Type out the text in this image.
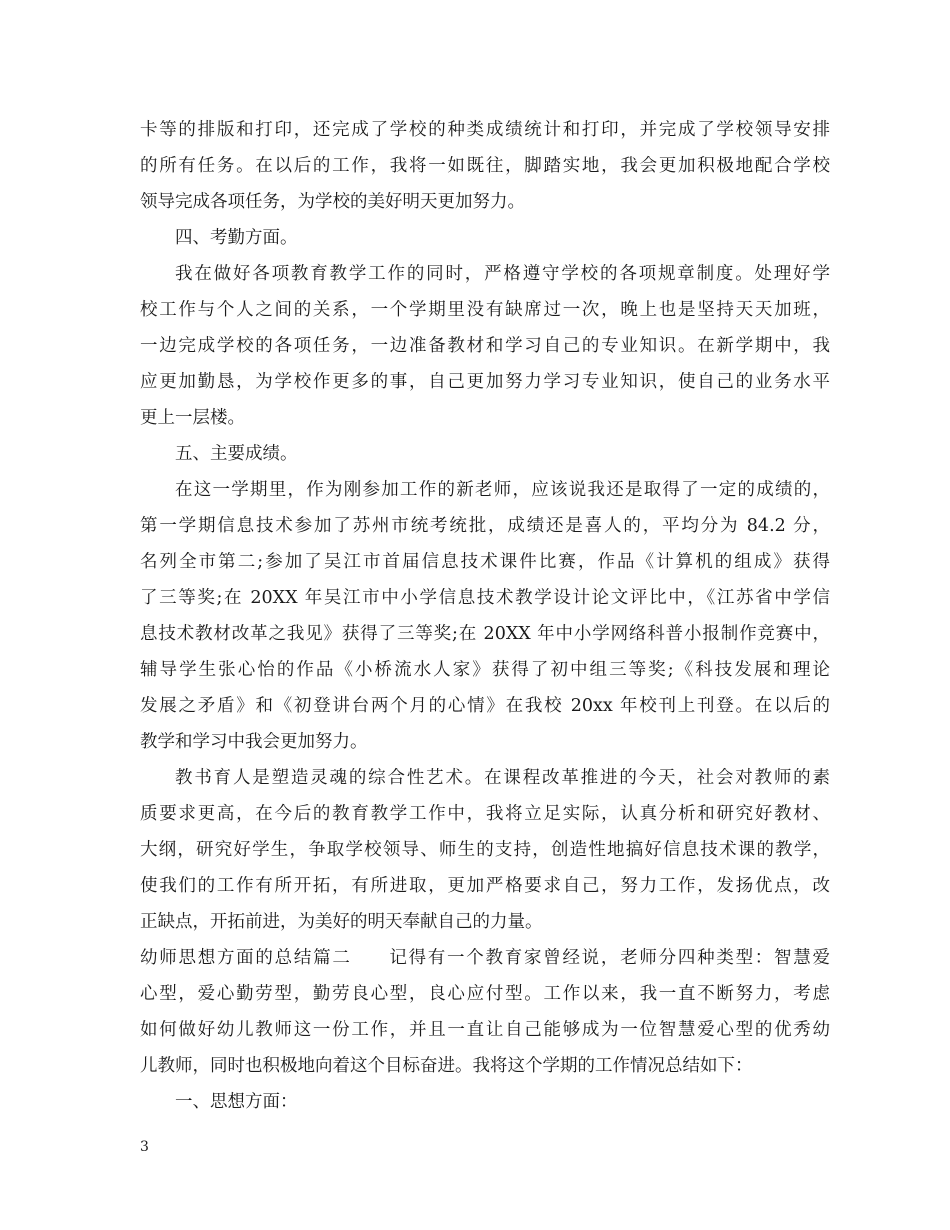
卡等的排版和打印，还完成了学校的种类成绩统计和打印，并完成了学校领导安排
的所有任务。在以后的工作，我将一如既往，脚踏实地，我会更加积极地配合学校
领导完成各项任务，为学校的美好明天更加努力。
四、考勤方面。
我在做好各项教育教学工作的同时，严格遵守学校的各项规章制度。处理好学
校工作与个人之间的关系，一个学期里没有缺席过一次，晚上也是坚持天天加班，
一边完成学校的各项任务，一边准备教材和学习自己的专业知识。在新学期中，我
应更加勤恳，为学校作更多的事，自己更加努力学习专业知识，使自己的业务水平
更上一层楼。
五、主要成绩。
在这一学期里，作为刚参加工作的新老师，应该说我还是取得了一定的成绩的，
第一学期信息技术参加了苏州市统考统批，成绩还是喜人的，平均分为 84.2 分，
名列全市第二;参加了吴江市首届信息技术课件比赛，作品《计算机的组成》获得
了三等奖;在 20XX 年吴江市中小学信息技术教学设计论文评比中，《江苏省中学信
息技术教材改革之我见》获得了三等奖;在 20XX 年中小学网络科普小报制作竞赛中，
辅导学生张心怡的作品《小桥流水人家》获得了初中组三等奖;《科技发展和理论
发展之矛盾》和《初登讲台两个月的心情》在我校 20xx 年校刊上刊登。在以后的
教学和学习中我会更加努力。
教书育人是塑造灵魂的综合性艺术。在课程改革推进的今天，社会对教师的素
质要求更高，在今后的教育教学工作中，我将立足实际，认真分析和研究好教材、
大纲，研究好学生，争取学校领导、师生的支持，创造性地搞好信息技术课的教学，
使我们的工作有所开拓，有所进取，更加严格要求自己，努力工作，发扬优点，改
正缺点，开拓前进，为美好的明天奉献自己的力量。
幼师思想方面的总结篇二 记得有一个教育家曾经说，老师分四种类型：智慧爱
心型，爱心勤劳型，勤劳良心型，良心应付型。工作以来，我一直不断努力，考虑
如何做好幼儿教师这一份工作，并且一直让自己能够成为一位智慧爱心型的优秀幼
儿教师，同时也积极地向着这个目标奋进。我将这个学期的工作情况总结如下：
一、思想方面：
3
